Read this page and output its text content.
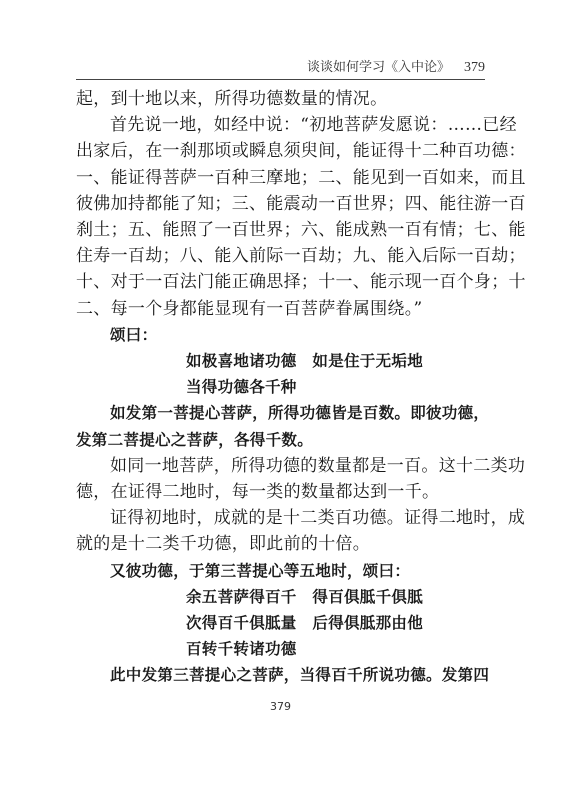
谈谈如何学习《入中论》 379
起，到十地以来，所得功德数量的情况。
首先说一地，如经中说：“初地菩萨发愿说：……已经
出家后，在一刹那顷或瞬息须臾间，能证得十二种百功德：
一、能证得菩萨一百种三摩地；二、能见到一百如来，而且
彼佛加持都能了知；三、能震动一百世界；四、能往游一百
刹土；五、能照了一百世界；六、能成熟一百有情；七、能
住寿一百劫；八、能入前际一百劫；九、能入后际一百劫；
十、对于一百法门能正确思择；十一、能示现一百个身；十
二、每一个身都能显现有一百菩萨眷属围绕。”
颂曰：
如极喜地诸功德　如是住于无垢地
当得功德各千种
如发第一菩提心菩萨，所得功德皆是百数。即彼功德，
发第二菩提心之菩萨，各得千数。
如同一地菩萨，所得功德的数量都是一百。这十二类功
德，在证得二地时，每一类的数量都达到一千。
证得初地时，成就的是十二类百功德。证得二地时，成
就的是十二类千功德，即此前的十倍。
又彼功德，于第三菩提心等五地时，颂曰：
余五菩萨得百千　得百俱胝千俱胝
次得百千俱胝量　后得俱胝那由他
百转千转诸功德
此中发第三菩提心之菩萨，当得百千所说功德。发第四
379
